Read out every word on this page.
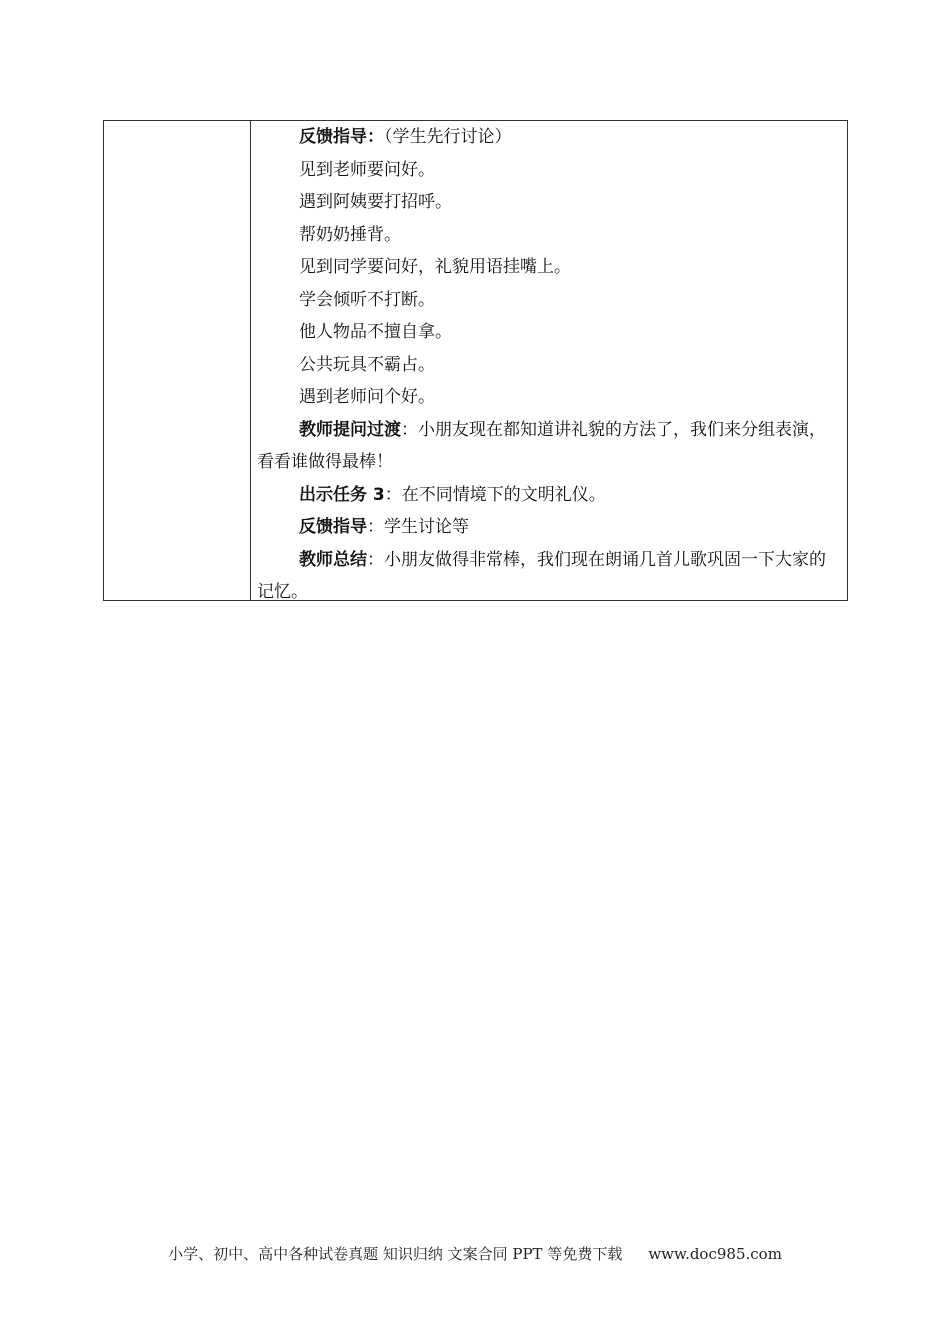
反馈指导：（学生先行讨论）

见到老师要问好。

遇到阿姨要打招呼。

帮奶奶捶背。

见到同学要问好，礼貌用语挂嘴上。

学会倾听不打断。

他人物品不擅自拿。

公共玩具不霸占。

遇到老师问个好。

教师提问过渡：小朋友现在都知道讲礼貌的方法了，我们来分组表演，看看谁做得最棒！

出示任务 3：在不同情境下的文明礼仪。

反馈指导：学生讨论等

教师总结：小朋友做得非常棒，我们现在朗诵几首儿歌巩固一下大家的记忆。

小学、初中、高中各种试卷真题 知识归纳 文案合同 PPT 等免费下载 www.doc985.com
